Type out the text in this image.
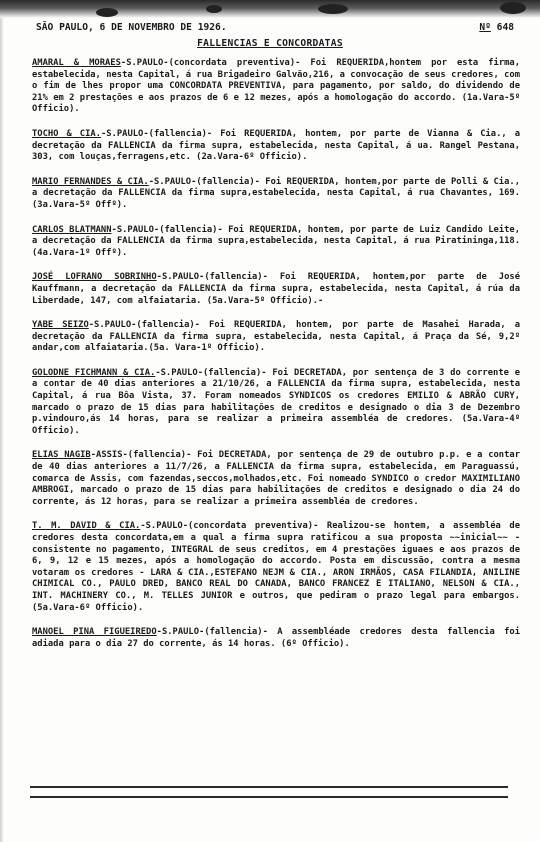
SÃO PAULO, 6 DE NOVEMBRO DE 1926.	Nº 648
FALLENCIAS E CONCORDATAS

AMARAL & MORAES-S.PAULO-(concordata preventiva)- Foi REQUERIDA,hontem por esta firma, estabelecida, nesta Capital, á rua Brigadeiro Galvão,216, a convocação de seus credores, com o fim de lhes propor uma CONCORDATA PREVENTIVA, para pagamento, por saldo, do dividendo de 21% em 2 prestações e aos prazos de 6 e 12 mezes, após a homologação do accordo. (1a.Vara-5º Officio).

TOCHO & CIA.-S.PAULO-(fallencia)- Foi REQUERIDA, hontem, por parte de Vianna & Cia., a decretação da FALLENCIA da firma supra, estabelecida, nesta Capital, á ua. Rangel Pestana, 303, com louças,ferragens,etc. (2a.Vara-6º Officio).

MARIO FERNANDES & CIA.-S.PAULO-(fallencia)- Foi REQUERIDA, hontem,por parte de Polli & Cia., a decretação da FALLENCIA da firma supra,estabelecida, nesta Capital, á rua Chavantes, 169. (3a.Vara-5º Offº).

CARLOS BLATMANN-S.PAULO-(fallencia)- Foi REQUERIDA, hontem, por parte de Luiz Candido Leite, a decretação da FALLENCIA da firma supra,estabelecida, nesta Capital, á rua Piratininga,118. (4a.Vara-1º Offº).

JOSÉ LOFRANO SOBRINHO-S.PAULO-(fallencia)- Foi REQUERIDA, hontem,por parte de José Kauffmann, a decretação da FALLENCIA da firma supra, estabelecida, nesta Capital, á rúa da Liberdade, 147, com alfaiataria. (5a.Vara-5º Officio).-

YABE SEIZO-S.PAULO-(fallencia)- Foi REQUERIDA, hontem, por parte de Masahei Harada, a decretação da FALLENCIA da firma supra, estabelecida, nesta Capital, á Praça da Sé, 9,2º andar,com alfaiataria.(5a. Vara-1º Officio).

GOLODNE FICHMANN & CIA.-S.PAULO-(fallencia)- Foi DECRETADA, por sentença de 3 do corrente e a contar de 40 dias anteriores a 21/10/26, a FALLENCIA da firma supra, estabelecida, nesta Capital, á rua Bôa Vista, 37. Foram nomeados SYNDICOS os credores EMILIO & ABRÃO CURY, marcado o prazo de 15 dias para habilitações de creditos e designado o dia 3 de Dezembro p.vindouro,ás 14 horas, para se realizar a primeira assembléa de credores. (5a.Vara-4º Officio).

ELIAS NAGIB-ASSIS-(fallencia)- Foi DECRETADA, por sentença de 29 de outubro p.p. e a contar de 40 dias anteriores a 11/7/26, a FALLENCIA da firma supra, estabelecida, em Paraguassú, comarca de Assis, com fazendas,seccos,molhados,etc. Foi nomeado SYNDICO o credor MAXIMILIANO AMBROGI, marcado o prazo de 15 dias para habilitações de creditos e designado o dia 24 do corrente, ás 12 horas, para se realizar a primeira assembléa de credores.

T. M. DAVID & CIA.-S.PAULO-(concordata preventiva)- Realizou-se hontem, a assembléa de credores desta concordata,em a qual a firma supra ratificou a sua proposta ~~inicial~~ - consistente no pagamento, INTEGRAL de seus creditos, em 4 prestações iguaes e aos prazos de 6, 9, 12 e 15 mezes, após a homologação do accordo. Posta em discussão, contra a mesma votaram os credores - LARA & CIA.,ESTEFANO NEJM & CIA., ARON IRMÃOS, CASA FILANDIA, ANILINE CHIMICAL CO., PAULO DRED, BANCO REAL DO CANADA, BANCO FRANCEZ E ITALIANO, NELSON & CIA., INT. MACHINERY CO., M. TELLES JUNIOR e outros, que pediram o prazo legal para embargos. (5a.Vara-6º Officio).

MANOEL PINA FIGUEIREDO-S.PAULO-(fallencia)- A assembléade credores desta fallencia foi adiada para o dia 27 do corrente, ás 14 horas. (6º Officio).
